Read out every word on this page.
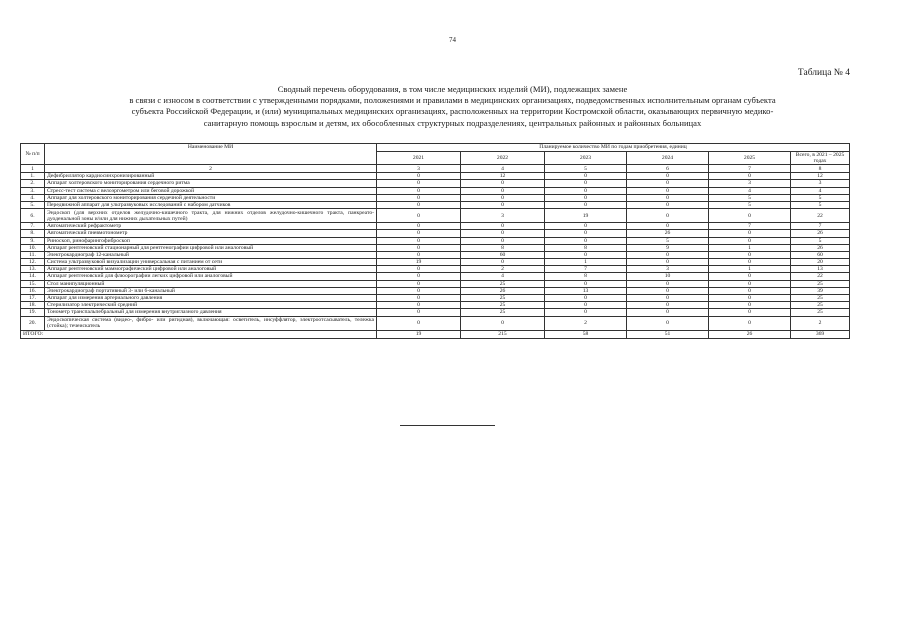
74
Таблица № 4
Сводный перечень оборудования, в том числе медицинских изделий (МИ), подлежащих замене
в связи с износом в соответствии с утвержденными порядками, положениями и правилами в медицинских организациях, подведомственных исполнительным органам субъекта
субъекта Российской Федерации, и (или) муниципальных медицинских организациях, расположенных на территории Костромской области, оказывающих первичную медико-
санитарную помощь взрослым и детям, их обособленных структурных подразделениях, центральных районных и районных больницах
№ п/п	Наименование МИ	Планируемое количество МИ по годам приобретения, единиц					
		2021	2022	2023	2024	2025	Всего, в 2021 – 2025 годах
1	2	3	4	5	6	7	8
1.	Дефибриллятор кардиосинхронизированный	0	12	0	0	0	12
2.	Аппарат холтеровского мониторирования сердечного ритма	0	0	0	0	3	3
3.	Стресс-тест система с велоэргометром или беговой дорожкой	0	0	0	0	4	4
4.	Аппарат для холтеровского мониторирования сердечной деятельности	0	0	0	0	5	5
5.	Передвижной аппарат для ультразвуковых исследований с набором датчиков	0	0	0	0	5	5
6.	Эндоскоп (для верхних отделов желудочно-кишечного тракта, для нижних отделов желудочно-кишечного тракта, панкреато-дуоденальной зоны и/или для нижних дыхательных путей)	0	3	19	0	0	22
7.	Автоматический рефрактометр	0	0	0	0	7	7
8.	Автоматический пневмотонометр	0	0	0	26	0	26
9.	Риноскоп, ринофарингофиброскоп	0	0	0	5	0	5
10.	Аппарат рентгеновский стационарный для рентгенографии цифровой или аналоговый	0	8	8	9	1	26
11.	Электрокардиограф 12-канальный	0	60	0	0	0	60
12.	Система ультразвуковой визуализации универсальная с питанием от сети	19	0	1	0	0	20
13.	Аппарат рентгеновский маммографический цифровой или аналоговый	0	2	7	3	1	13
14.	Аппарат рентгеновский для флюорографии легких цифровой или аналоговый	0	4	8	10	0	22
15.	Стол манипуляционный	0	25	0	0	0	25
16.	Электрокардиограф портативный 3- или 6-канальный	0	26	13	0	0	39
17.	Аппарат для измерения артериального давления	0	25	0	0	0	25
18.	Стерилизатор электрический средний	0	25	0	0	0	25
19.	Тонометр транспальпебральный для измерения внутриглазного давления	0	25	0	0	0	25
20.	Эндоскопическая система (видео-, фибро- или ригидная), включающая: осветитель, инсуффлятор, электроотсасыватель, тележка (стойка); течеискатель	0	0	2	0	0	2
ИТОГО:		19	215	58	51	26	369
